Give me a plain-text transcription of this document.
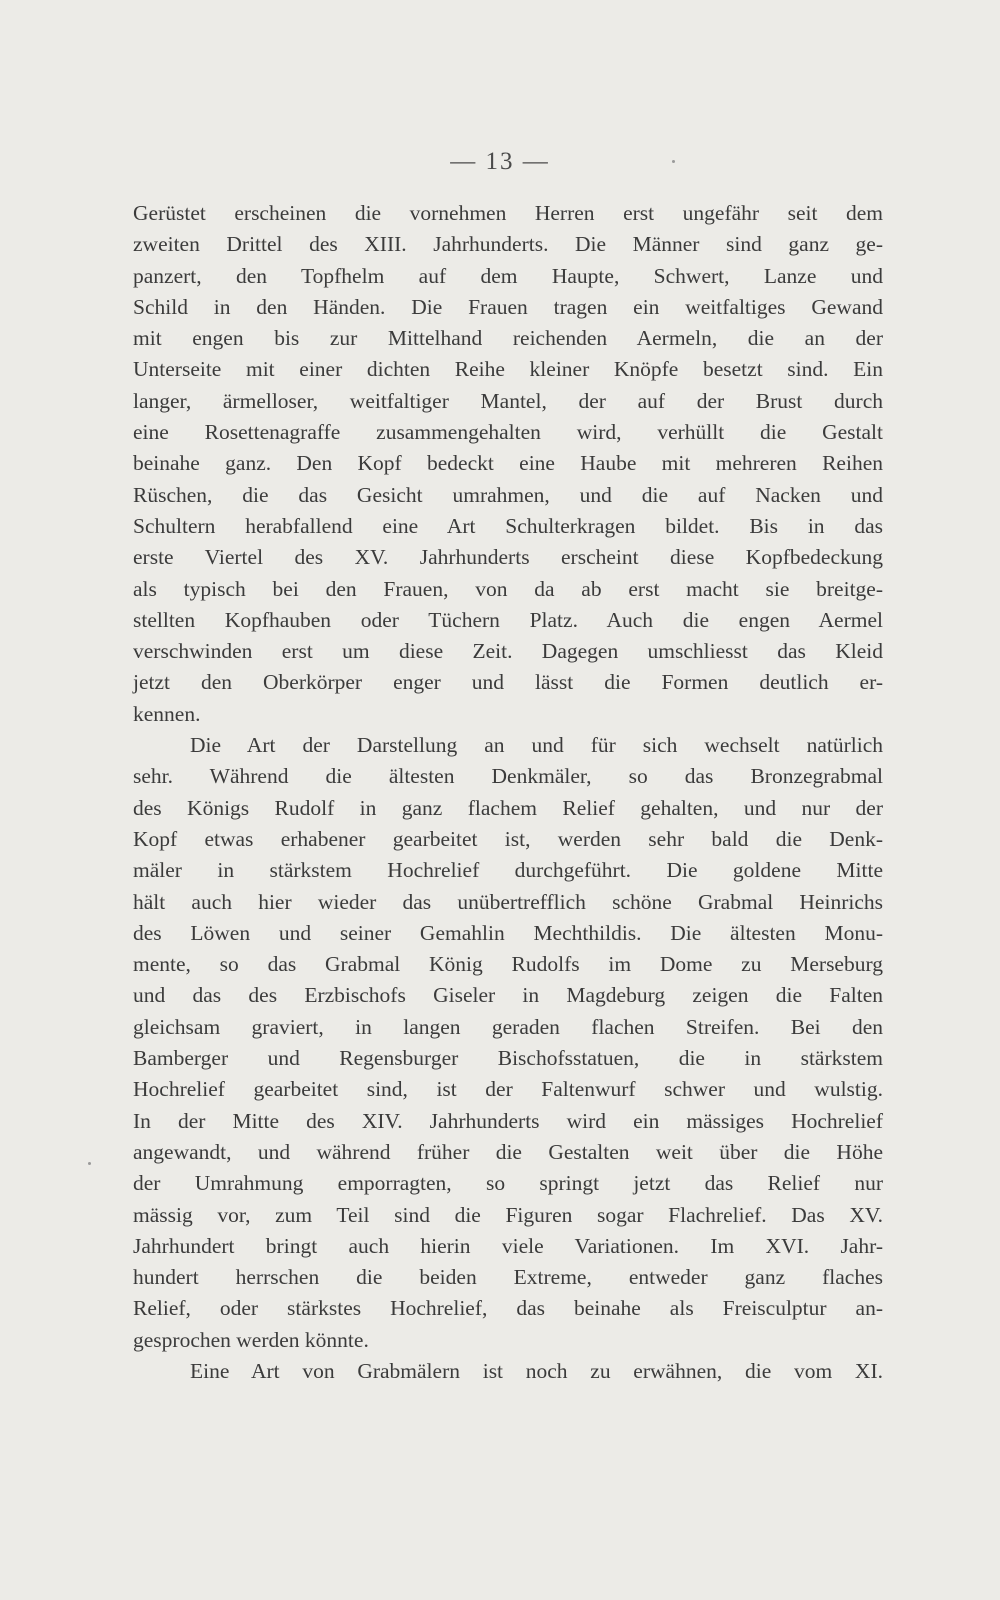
— 13 —
Gerüstet erscheinen die vornehmen Herren erst ungefähr seit dem
zweiten Drittel des XIII. Jahrhunderts. Die Männer sind ganz ge-
panzert, den Topfhelm auf dem Haupte, Schwert, Lanze und
Schild in den Händen. Die Frauen tragen ein weitfaltiges Gewand
mit engen bis zur Mittelhand reichenden Aermeln, die an der
Unterseite mit einer dichten Reihe kleiner Knöpfe besetzt sind. Ein
langer, ärmelloser, weitfaltiger Mantel, der auf der Brust durch
eine Rosettenagraffe zusammengehalten wird, verhüllt die Gestalt
beinahe ganz. Den Kopf bedeckt eine Haube mit mehreren Reihen
Rüschen, die das Gesicht umrahmen, und die auf Nacken und
Schultern herabfallend eine Art Schulterkragen bildet. Bis in das
erste Viertel des XV. Jahrhunderts erscheint diese Kopfbedeckung
als typisch bei den Frauen, von da ab erst macht sie breitge-
stellten Kopfhauben oder Tüchern Platz. Auch die engen Aermel
verschwinden erst um diese Zeit. Dagegen umschliesst das Kleid
jetzt den Oberkörper enger und lässt die Formen deutlich er-
kennen.
Die Art der Darstellung an und für sich wechselt natürlich
sehr. Während die ältesten Denkmäler, so das Bronzegrabmal
des Königs Rudolf in ganz flachem Relief gehalten, und nur der
Kopf etwas erhabener gearbeitet ist, werden sehr bald die Denk-
mäler in stärkstem Hochrelief durchgeführt. Die goldene Mitte
hält auch hier wieder das unübertrefflich schöne Grabmal Heinrichs
des Löwen und seiner Gemahlin Mechthildis. Die ältesten Monu-
mente, so das Grabmal König Rudolfs im Dome zu Merseburg
und das des Erzbischofs Giseler in Magdeburg zeigen die Falten
gleichsam graviert, in langen geraden flachen Streifen. Bei den
Bamberger und Regensburger Bischofsstatuen, die in stärkstem
Hochrelief gearbeitet sind, ist der Faltenwurf schwer und wulstig.
In der Mitte des XIV. Jahrhunderts wird ein mässiges Hochrelief
angewandt, und während früher die Gestalten weit über die Höhe
der Umrahmung emporragten, so springt jetzt das Relief nur
mässig vor, zum Teil sind die Figuren sogar Flachrelief. Das XV.
Jahrhundert bringt auch hierin viele Variationen. Im XVI. Jahr-
hundert herrschen die beiden Extreme, entweder ganz flaches
Relief, oder stärkstes Hochrelief, das beinahe als Freisculptur an-
gesprochen werden könnte.
Eine Art von Grabmälern ist noch zu erwähnen, die vom XI.
